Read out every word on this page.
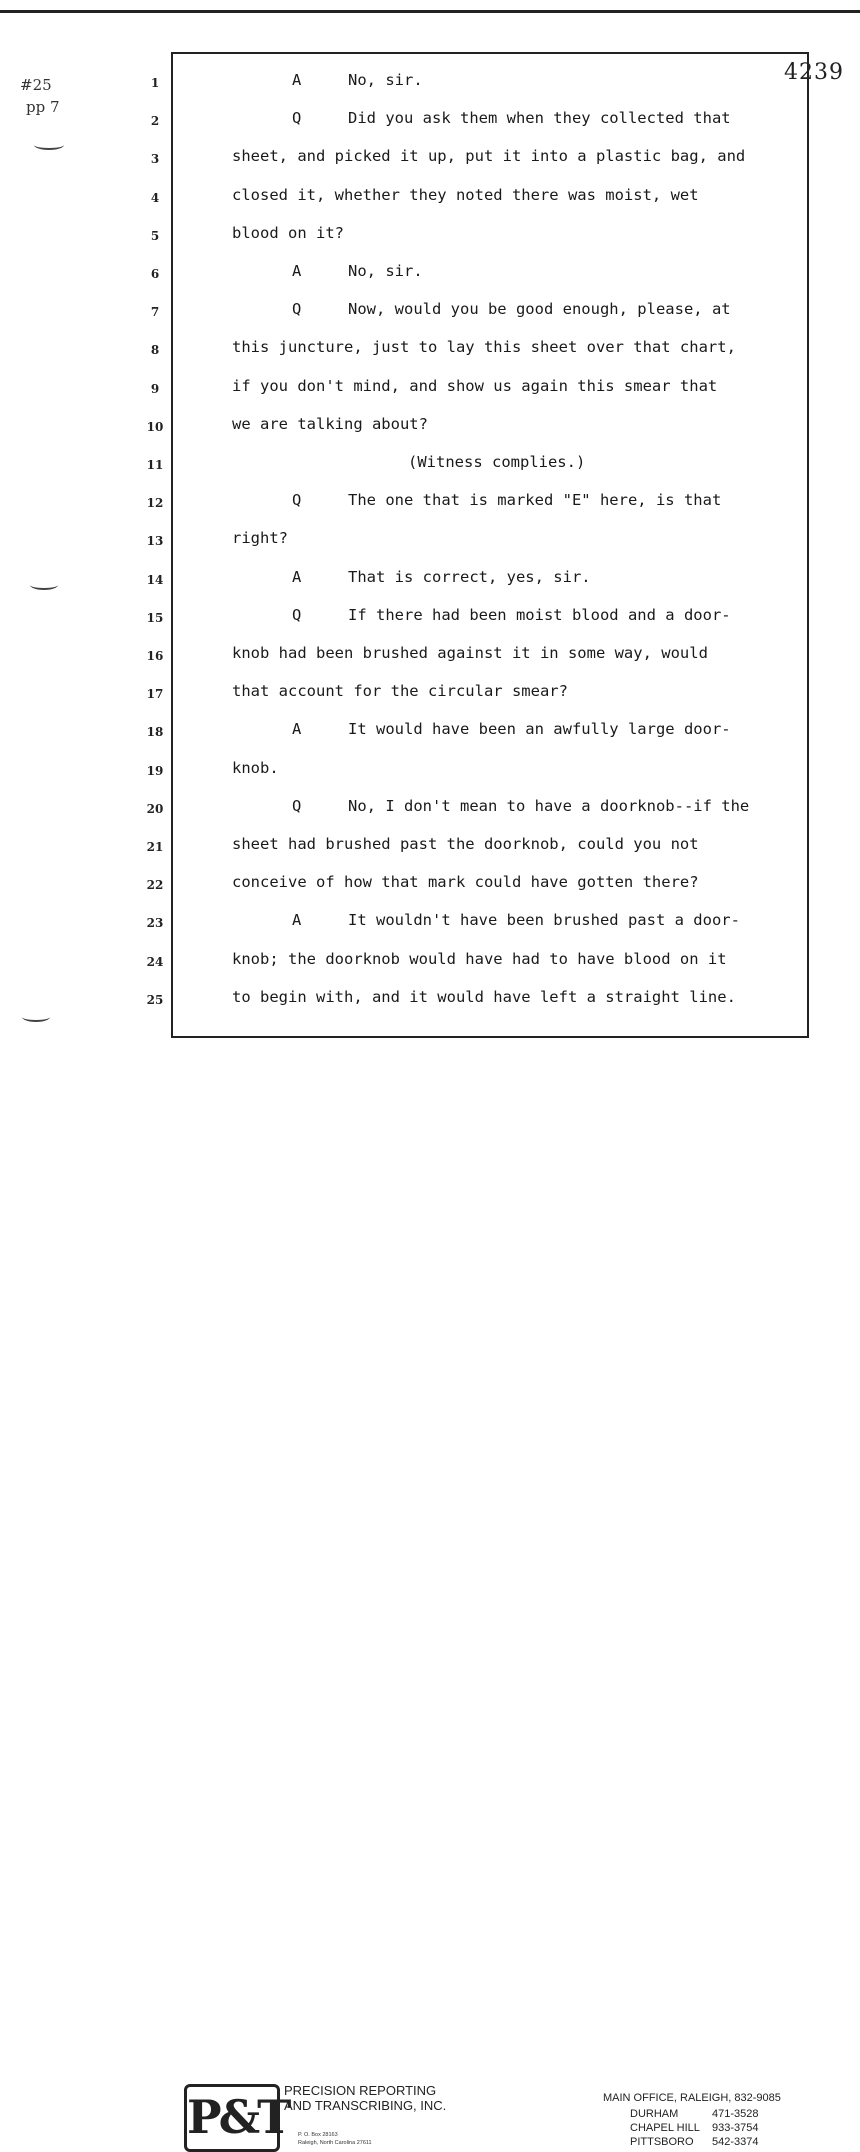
#25
pp 7
4239
1
2
3
4
5
6
7
8
9
10
11
12
13
14
15
16
17
18
19
20
21
22
23
24
25
A	No, sir.
Q	Did you ask them when they collected that
sheet, and picked it up, put it into a plastic bag, and
closed it, whether they noted there was moist, wet
blood on it?
A	No, sir.
Q	Now, would you be good enough, please, at
this juncture, just to lay this sheet over that chart,
if you don't mind, and show us again this smear that
we are talking about?
(Witness complies.)
Q	The one that is marked "E" here, is that
right?
A	That is correct, yes, sir.
Q	If there had been moist blood and a door-
knob had been brushed against it in some way, would
that account for the circular smear?
A	It would have been an awfully large door-
knob.
Q	No, I don't mean to have a doorknob--if the
sheet had brushed past the doorknob, could you not
conceive of how that mark could have gotten there?
A	It wouldn't have been brushed past a door-
knob; the doorknob would have had to have blood on it
to begin with, and it would have left a straight line.
P&T
PRECISION REPORTING
AND TRANSCRIBING, INC.
P. O. Box 28163
Raleigh, North Carolina 27611
MAIN OFFICE, RALEIGH, 832-9085
DURHAM	471-3528
CHAPEL HILL 933-3754
PITTSBORO 542-3374
